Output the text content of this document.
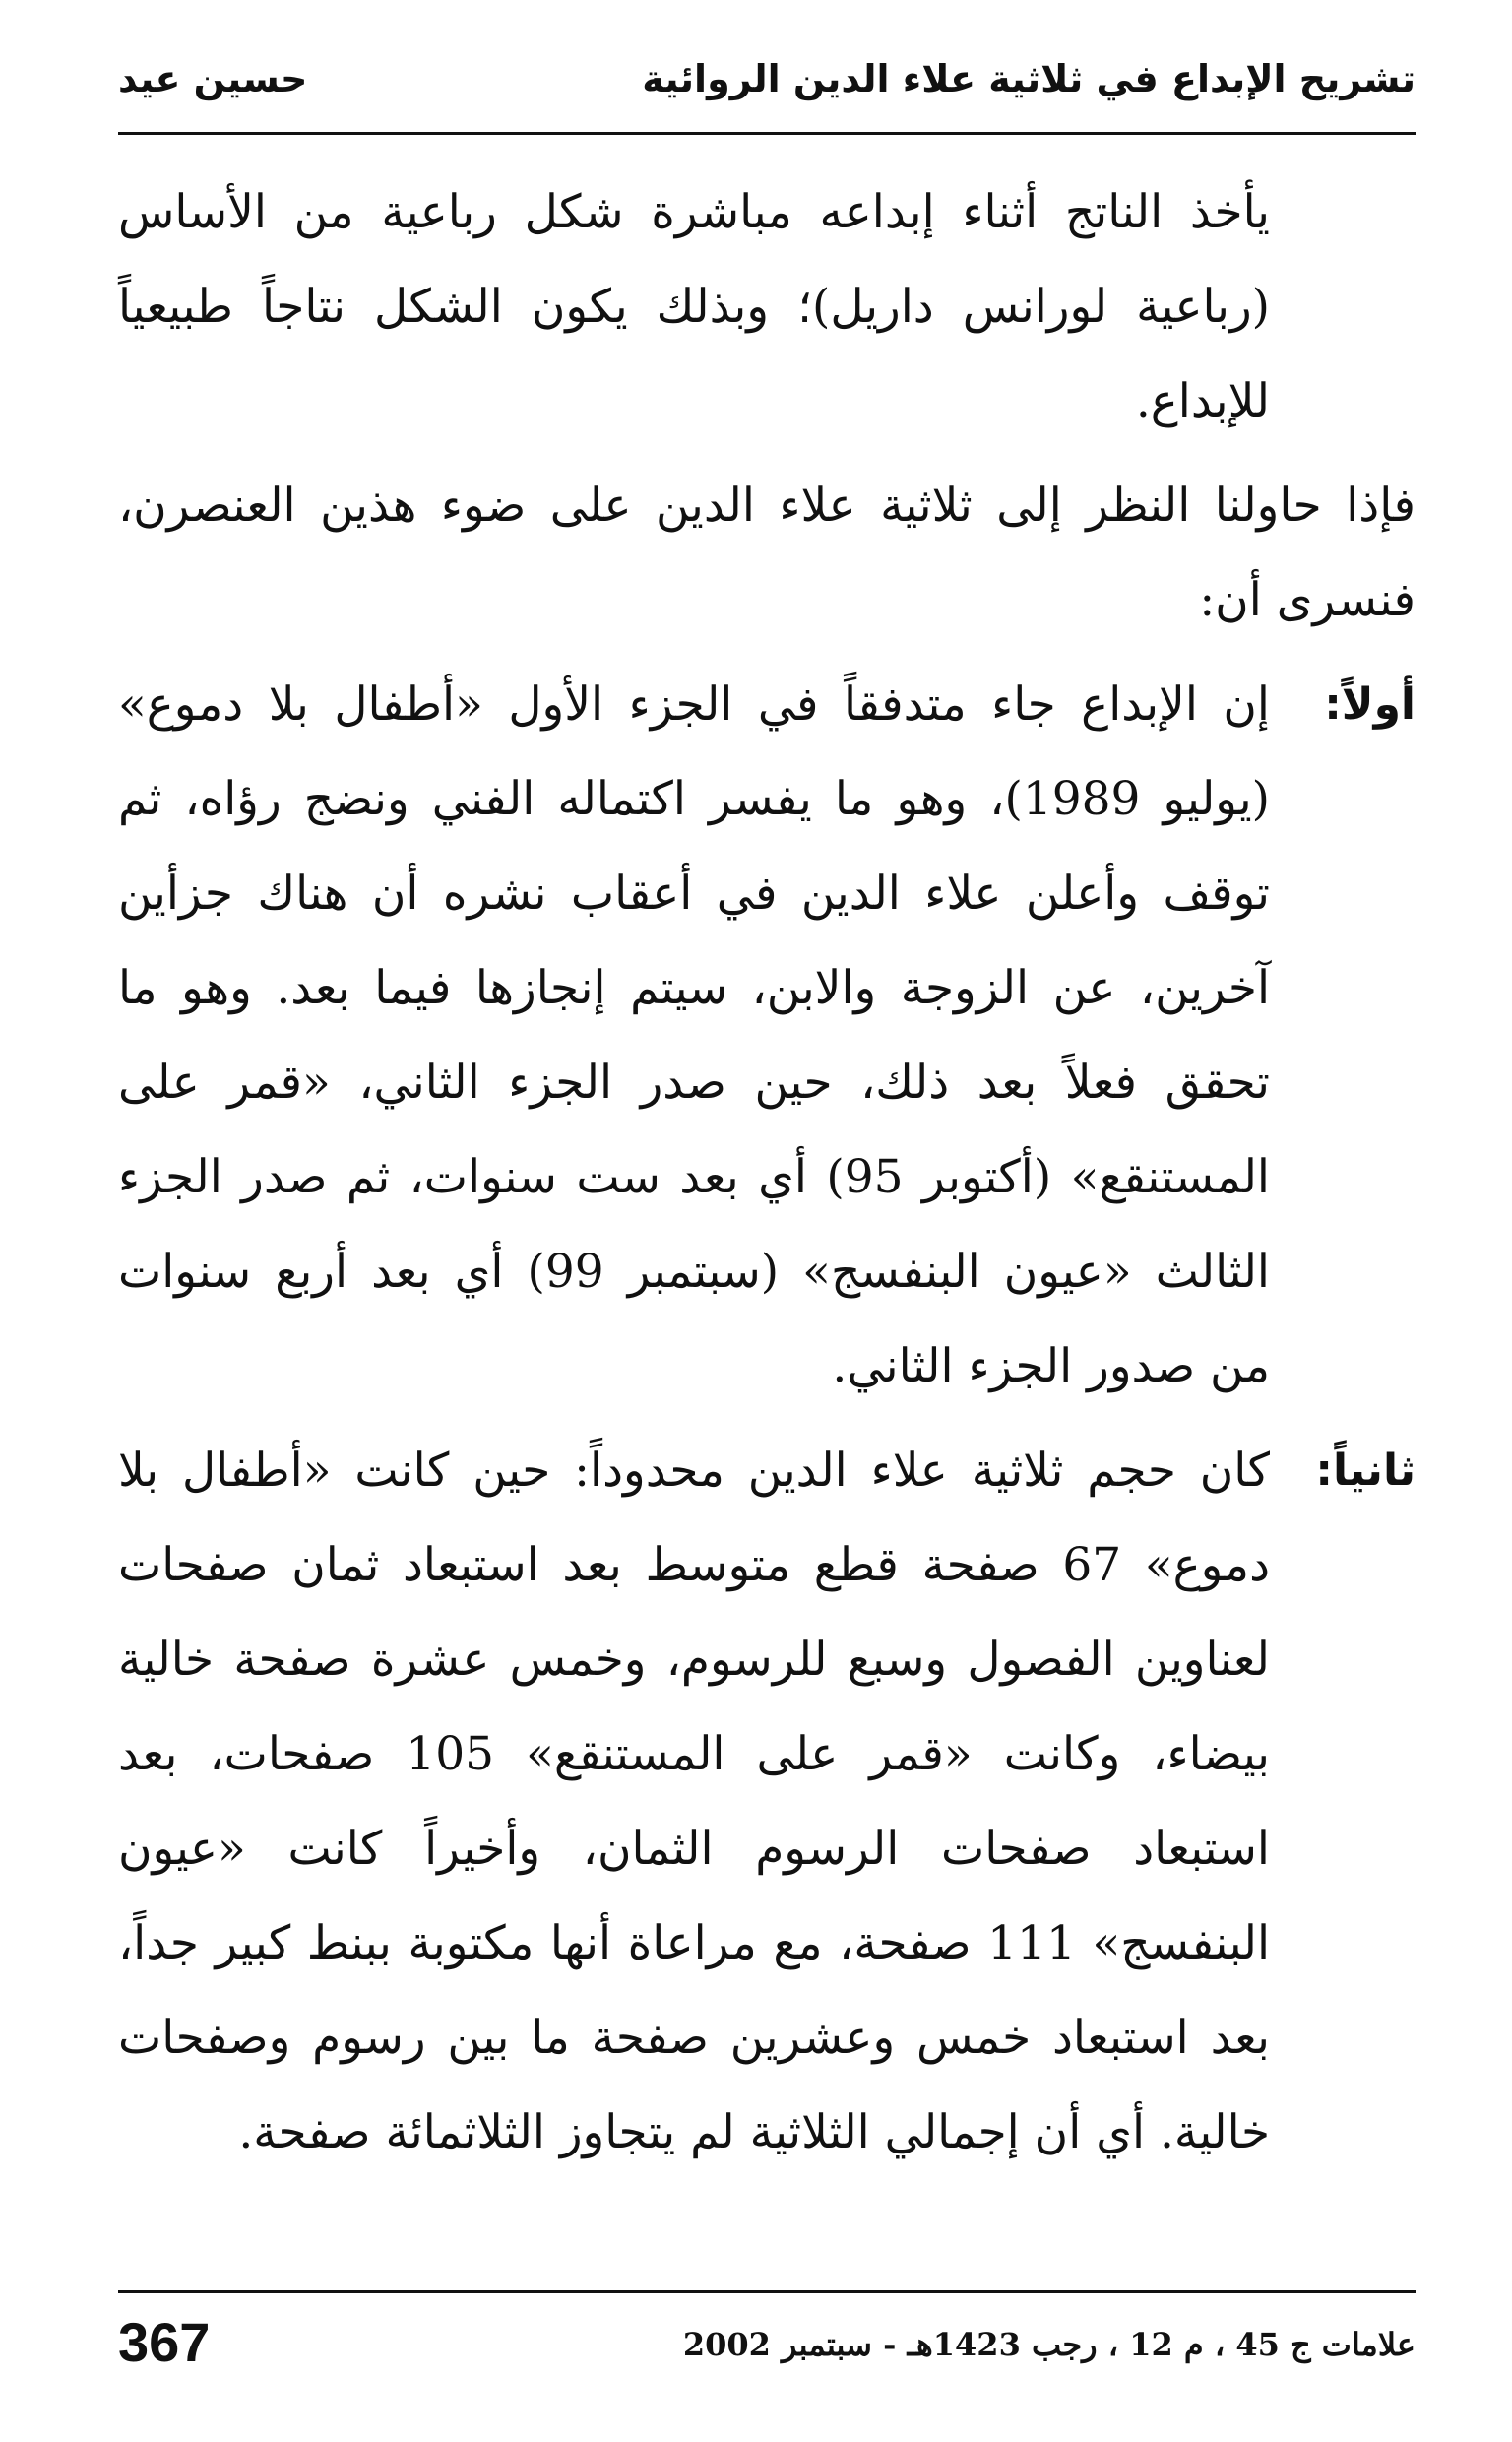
تشريح الإبداع في ثلاثية علاء الدين الروائية
حسين عيد

يأخذ الناتج أثناء إبداعه مباشرة شكل رباعية من الأساس (رباعية لورانس داريل)؛ وبذلك يكون الشكل نتاجاً طبيعياً للإبداع.

فإذا حاولنا النظر إلى ثلاثية علاء الدين على ضوء هذين العنصرن، فنسرى أن:

أولاً:
إن الإبداع جاء متدفقاً في الجزء الأول «أطفال بلا دموع» (يوليو 1989)، وهو ما يفسر اكتماله الفني ونضج رؤاه، ثم توقف وأعلن علاء الدين في أعقاب نشره أن هناك جزأين آخرين، عن الزوجة والابن، سيتم إنجازها فيما بعد. وهو ما تحقق فعلاً بعد ذلك، حين صدر الجزء الثاني، «قمر على المستنقع» (أكتوبر 95) أي بعد ست سنوات، ثم صدر الجزء الثالث «عيون البنفسج» (سبتمبر 99) أي بعد أربع سنوات من صدور الجزء الثاني.
ثانياً:
كان حجم ثلاثية علاء الدين محدوداً: حين كانت «أطفال بلا دموع» 67 صفحة قطع متوسط بعد استبعاد ثمان صفحات لعناوين الفصول وسبع للرسوم، وخمس عشرة صفحة خالية بيضاء، وكانت «قمر على المستنقع» 105 صفحات، بعد استبعاد صفحات الرسوم الثمان، وأخيراً كانت «عيون البنفسج» 111 صفحة، مع مراعاة أنها مكتوبة ببنط كبير جداً، بعد استبعاد خمس وعشرين صفحة ما بين رسوم وصفحات خالية. أي أن إجمالي الثلاثية لم يتجاوز الثلاثمائة صفحة.
علامات ج 45 ، م 12 ، رجب 1423هـ - سبتمبر 2002
367
